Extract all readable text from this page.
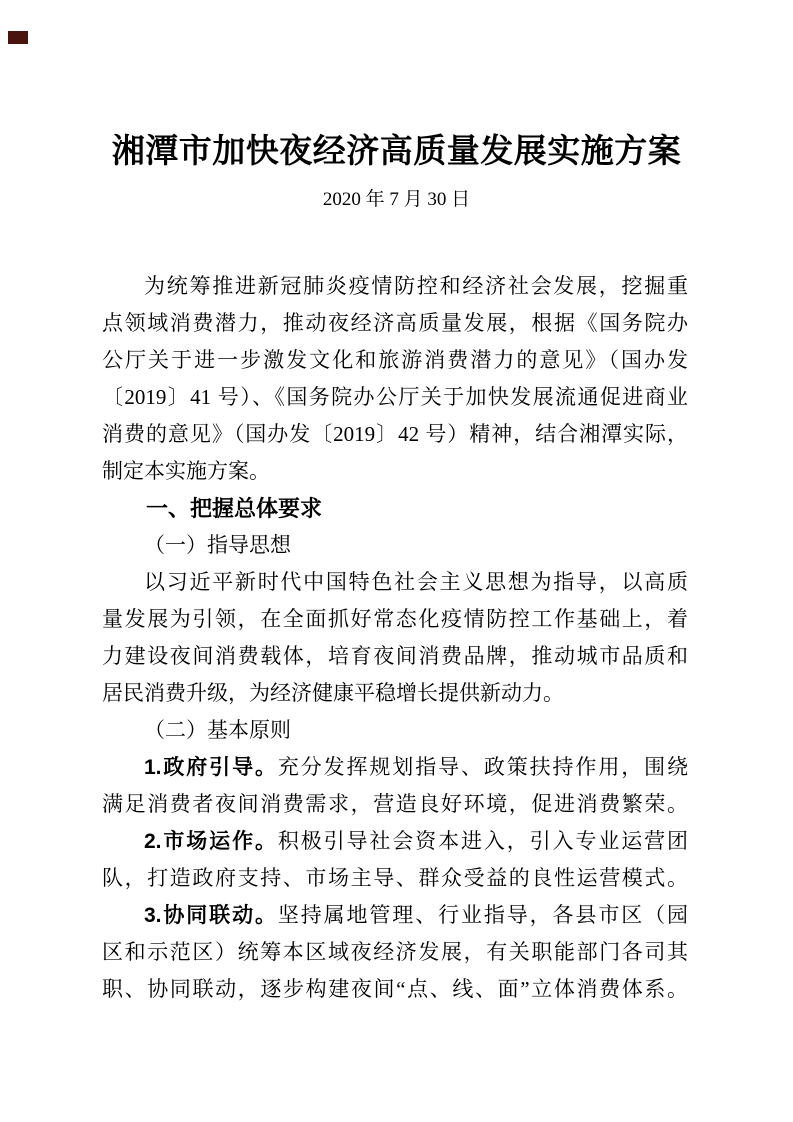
湘潭市加快夜经济高质量发展实施方案
2020 年 7 月 30 日
为统筹推进新冠肺炎疫情防控和经济社会发展，挖掘重
点领域消费潜力，推动夜经济高质量发展，根据《国务院办
公厅关于进一步激发文化和旅游消费潜力的意见》（国办发
〔2019〕41 号）、《国务院办公厅关于加快发展流通促进商业
消费的意见》（国办发〔2019〕42 号）精神，结合湘潭实际，
制定本实施方案。
一、把握总体要求
（一）指导思想
以习近平新时代中国特色社会主义思想为指导，以高质
量发展为引领，在全面抓好常态化疫情防控工作基础上，着
力建设夜间消费载体，培育夜间消费品牌，推动城市品质和
居民消费升级，为经济健康平稳增长提供新动力。
（二）基本原则
1.政府引导。充分发挥规划指导、政策扶持作用，围绕
满足消费者夜间消费需求，营造良好环境，促进消费繁荣。
2.市场运作。积极引导社会资本进入，引入专业运营团
队，打造政府支持、市场主导、群众受益的良性运营模式。
3.协同联动。坚持属地管理、行业指导，各县市区（园
区和示范区）统筹本区域夜经济发展，有关职能部门各司其
职、协同联动，逐步构建夜间“点、线、面”立体消费体系。
